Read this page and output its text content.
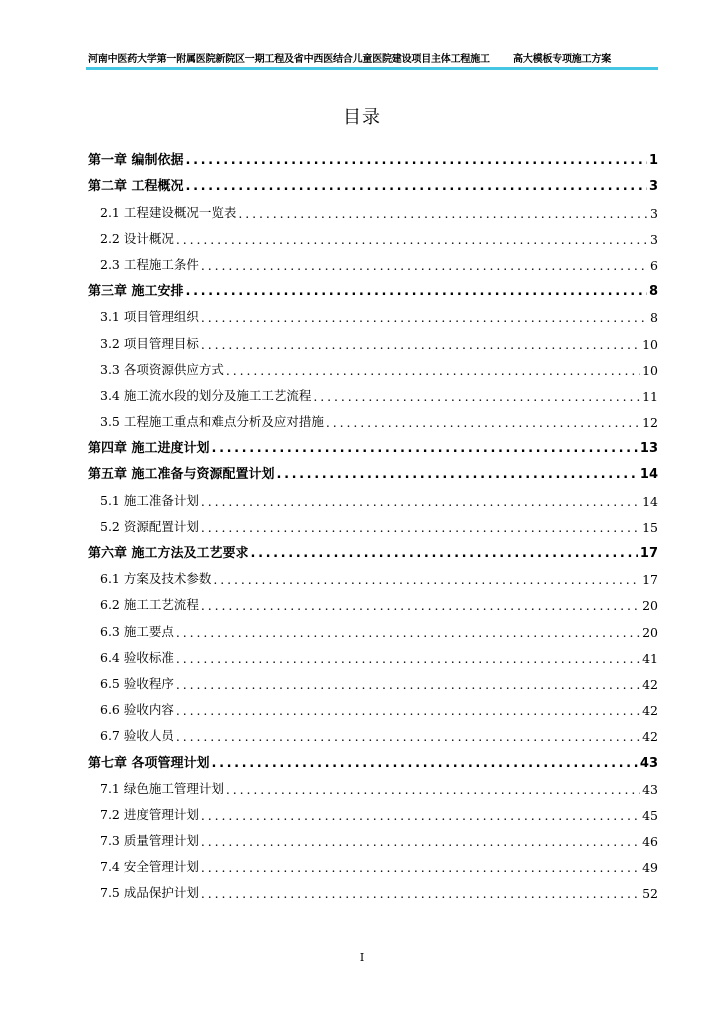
河南中医药大学第一附属医院新院区一期工程及省中西医结合儿童医院建设项目主体工程施工 高大模板专项施工方案
目录
第一章 编制依据 .....	1
第二章 工程概况 .....	3
2.1 工程建设概况一览表 .....	3
2.2 设计概况 .....	3
2.3 工程施工条件 .....	6
第三章 施工安排 .....	8
3.1 项目管理组织 .....	8
3.2 项目管理目标 .....	10
3.3 各项资源供应方式 .....	10
3.4 施工流水段的划分及施工工艺流程 .....	11
3.5 工程施工重点和难点分析及应对措施 .....	12
第四章 施工进度计划 .....	13
第五章 施工准备与资源配置计划 .....	14
5.1 施工准备计划 .....	14
5.2 资源配置计划 .....	15
第六章 施工方法及工艺要求 .....	17
6.1 方案及技术参数 .....	17
6.2 施工工艺流程 .....	20
6.3 施工要点 .....	20
6.4 验收标准 .....	41
6.5 验收程序 .....	42
6.6 验收内容 .....	42
6.7 验收人员 .....	42
第七章 各项管理计划 .....	43
7.1 绿色施工管理计划 .....	43
7.2 进度管理计划 .....	45
7.3 质量管理计划 .....	46
7.4 安全管理计划 .....	49
7.5 成品保护计划 .....	52
I
